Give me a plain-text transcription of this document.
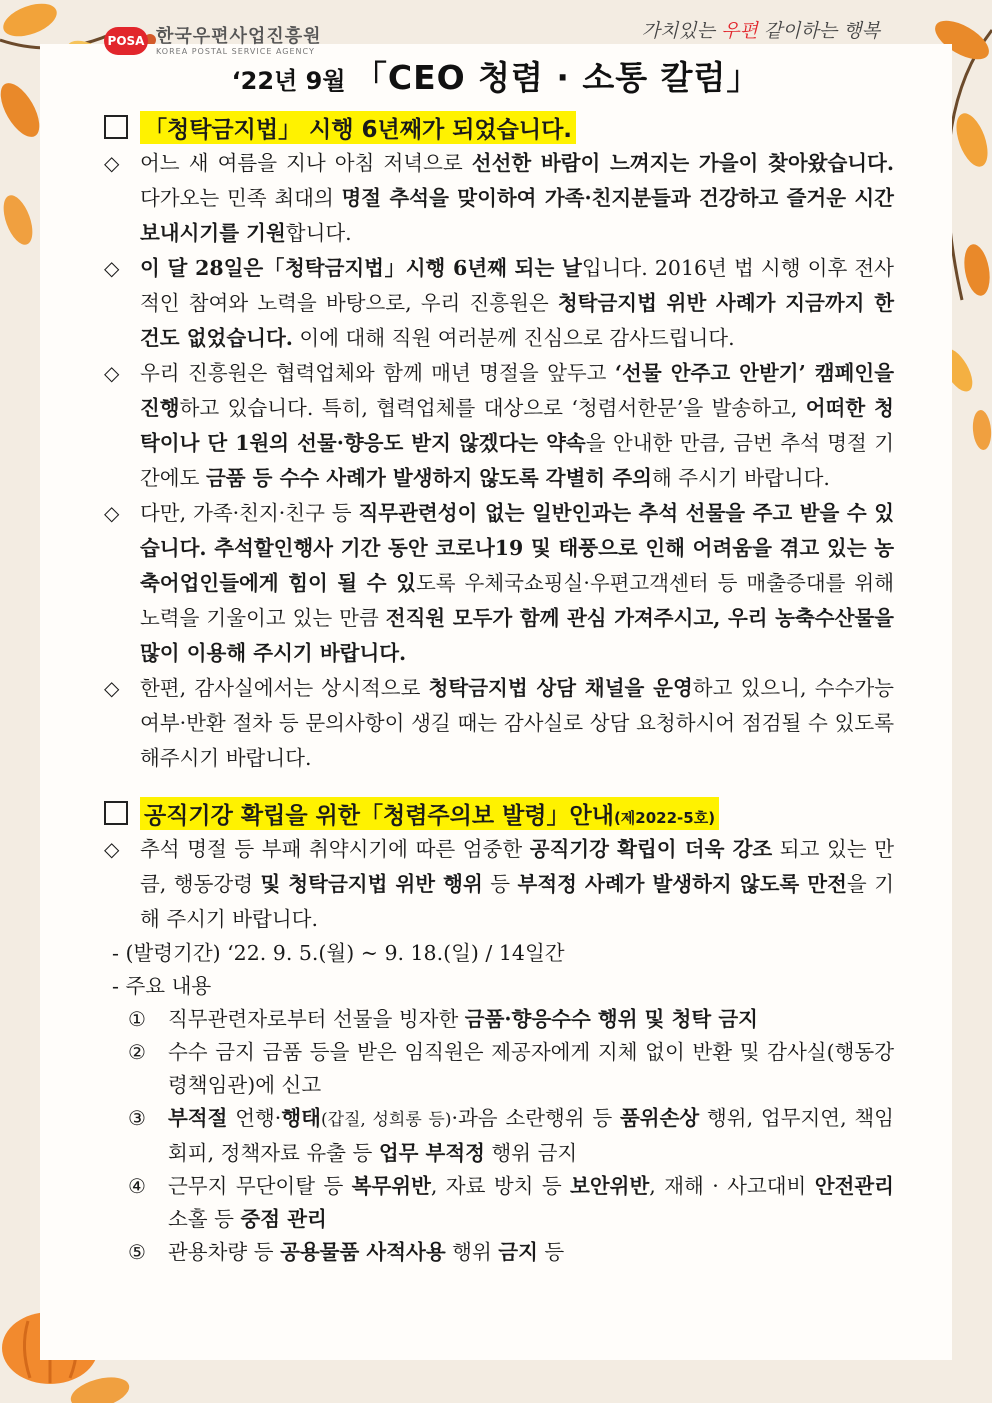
POSA 한국우편사업진흥원
KOREA POSTAL SERVICE AGENCY
가치있는 우편 같이하는 행복
‘22년 9월 「CEO 청렴 · 소통 칼럼」
「청탁금지법」 시행 6년째가 되었습니다.
◇	어느 새 여름을 지나 아침 저녁으로 선선한 바람이 느껴지는 가을이 찾아왔습니다. 다가오는 민족 최대의 명절 추석을 맞이하여 가족·친지분들과 건강하고 즐거운 시간 보내시기를 기원합니다.
◇	이 달 28일은「청탁금지법」시행 6년째 되는 날입니다. 2016년 법 시행 이후 전사적인 참여와 노력을 바탕으로, 우리 진흥원은 청탁금지법 위반 사례가 지금까지 한 건도 없었습니다. 이에 대해 직원 여러분께 진심으로 감사드립니다.
◇	우리 진흥원은 협력업체와 함께 매년 명절을 앞두고 ‘선물 안주고 안받기’ 캠페인을 진행하고 있습니다. 특히, 협력업체를 대상으로 ‘청렴서한문’을 발송하고, 어떠한 청탁이나 단 1원의 선물·향응도 받지 않겠다는 약속을 안내한 만큼, 금번 추석 명절 기간에도 금품 등 수수 사례가 발생하지 않도록 각별히 주의해 주시기 바랍니다.
◇	다만, 가족·친지·친구 등 직무관련성이 없는 일반인과는 추석 선물을 주고 받을 수 있습니다. 추석할인행사 기간 동안 코로나19 및 태풍으로 인해 어려움을 겪고 있는 농축어업인들에게 힘이 될 수 있도록 우체국쇼핑실·우편고객센터 등 매출증대를 위해 노력을 기울이고 있는 만큼 전직원 모두가 함께 관심 가져주시고, 우리 농축수산물을 많이 이용해 주시기 바랍니다.
◇	한편, 감사실에서는 상시적으로 청탁금지법 상담 채널을 운영하고 있으니, 수수가능 여부·반환 절차 등 문의사항이 생길 때는 감사실로 상담 요청하시어 점검될 수 있도록 해주시기 바랍니다.
공직기강 확립을 위한「청렴주의보 발령」안내(제2022-5호)
◇	추석 명절 등 부패 취약시기에 따른 엄중한 공직기강 확립이 더욱 강조 되고 있는 만큼, 행동강령 및 청탁금지법 위반 행위 등 부적정 사례가 발생하지 않도록 만전을 기해 주시기 바랍니다.
- (발령기간) ‘22. 9. 5.(월) ~ 9. 18.(일) / 14일간
- 주요 내용
①	직무관련자로부터 선물을 빙자한 금품·향응수수 행위 및 청탁 금지
②	수수 금지 금품 등을 받은 임직원은 제공자에게 지체 없이 반환 및 감사실(행동강령책임관)에 신고
③	부적절 언행·행태(갑질, 성희롱 등)·과음 소란행위 등 품위손상 행위, 업무지연, 책임회피, 정책자료 유출 등 업무 부적정 행위 금지
④	근무지 무단이탈 등 복무위반, 자료 방치 등 보안위반, 재해 · 사고대비 안전관리 소홀 등 중점 관리
⑤	관용차량 등 공용물품 사적사용 행위 금지 등
